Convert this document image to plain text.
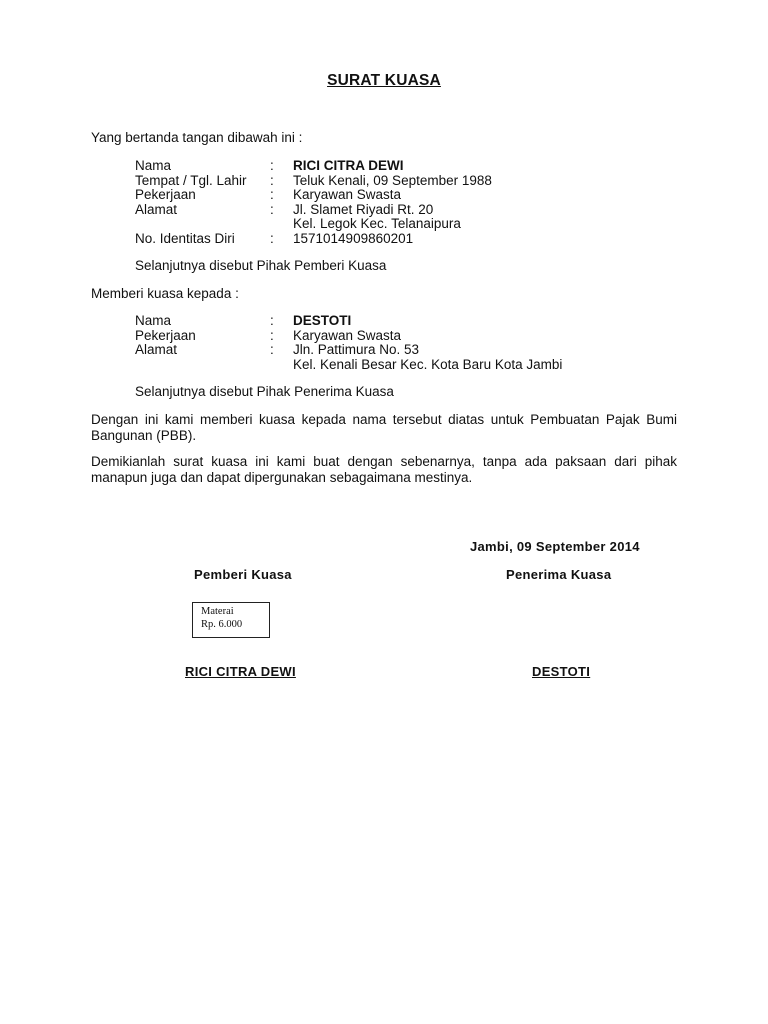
SURAT KUASA
Yang bertanda tangan dibawah ini :
Nama	: RICI CITRA DEWI
Tempat / Tgl. Lahir : Teluk Kenali, 09 September 1988
Pekerjaan	: Karyawan Swasta
Alamat	: Jl. Slamet Riyadi Rt. 20
Kel. Legok Kec. Telanaipura
No. Identitas Diri	: 1571014909860201
Selanjutnya disebut Pihak Pemberi Kuasa
Memberi kuasa kepada :
Nama	: DESTOTI
Pekerjaan	: Karyawan Swasta
Alamat	: Jln. Pattimura No. 53
Kel. Kenali Besar Kec. Kota Baru Kota Jambi
Selanjutnya disebut Pihak Penerima Kuasa
Dengan ini kami memberi kuasa kepada nama tersebut diatas untuk Pembuatan Pajak Bumi Bangunan (PBB).
Demikianlah surat kuasa ini kami buat dengan sebenarnya, tanpa ada paksaan dari pihak manapun juga dan dapat dipergunakan sebagaimana mestinya.
Jambi, 09 September 2014
Pemberi Kuasa	Penerima Kuasa
Materai
Rp. 6.000
RICI CITRA DEWI	DESTOTI
